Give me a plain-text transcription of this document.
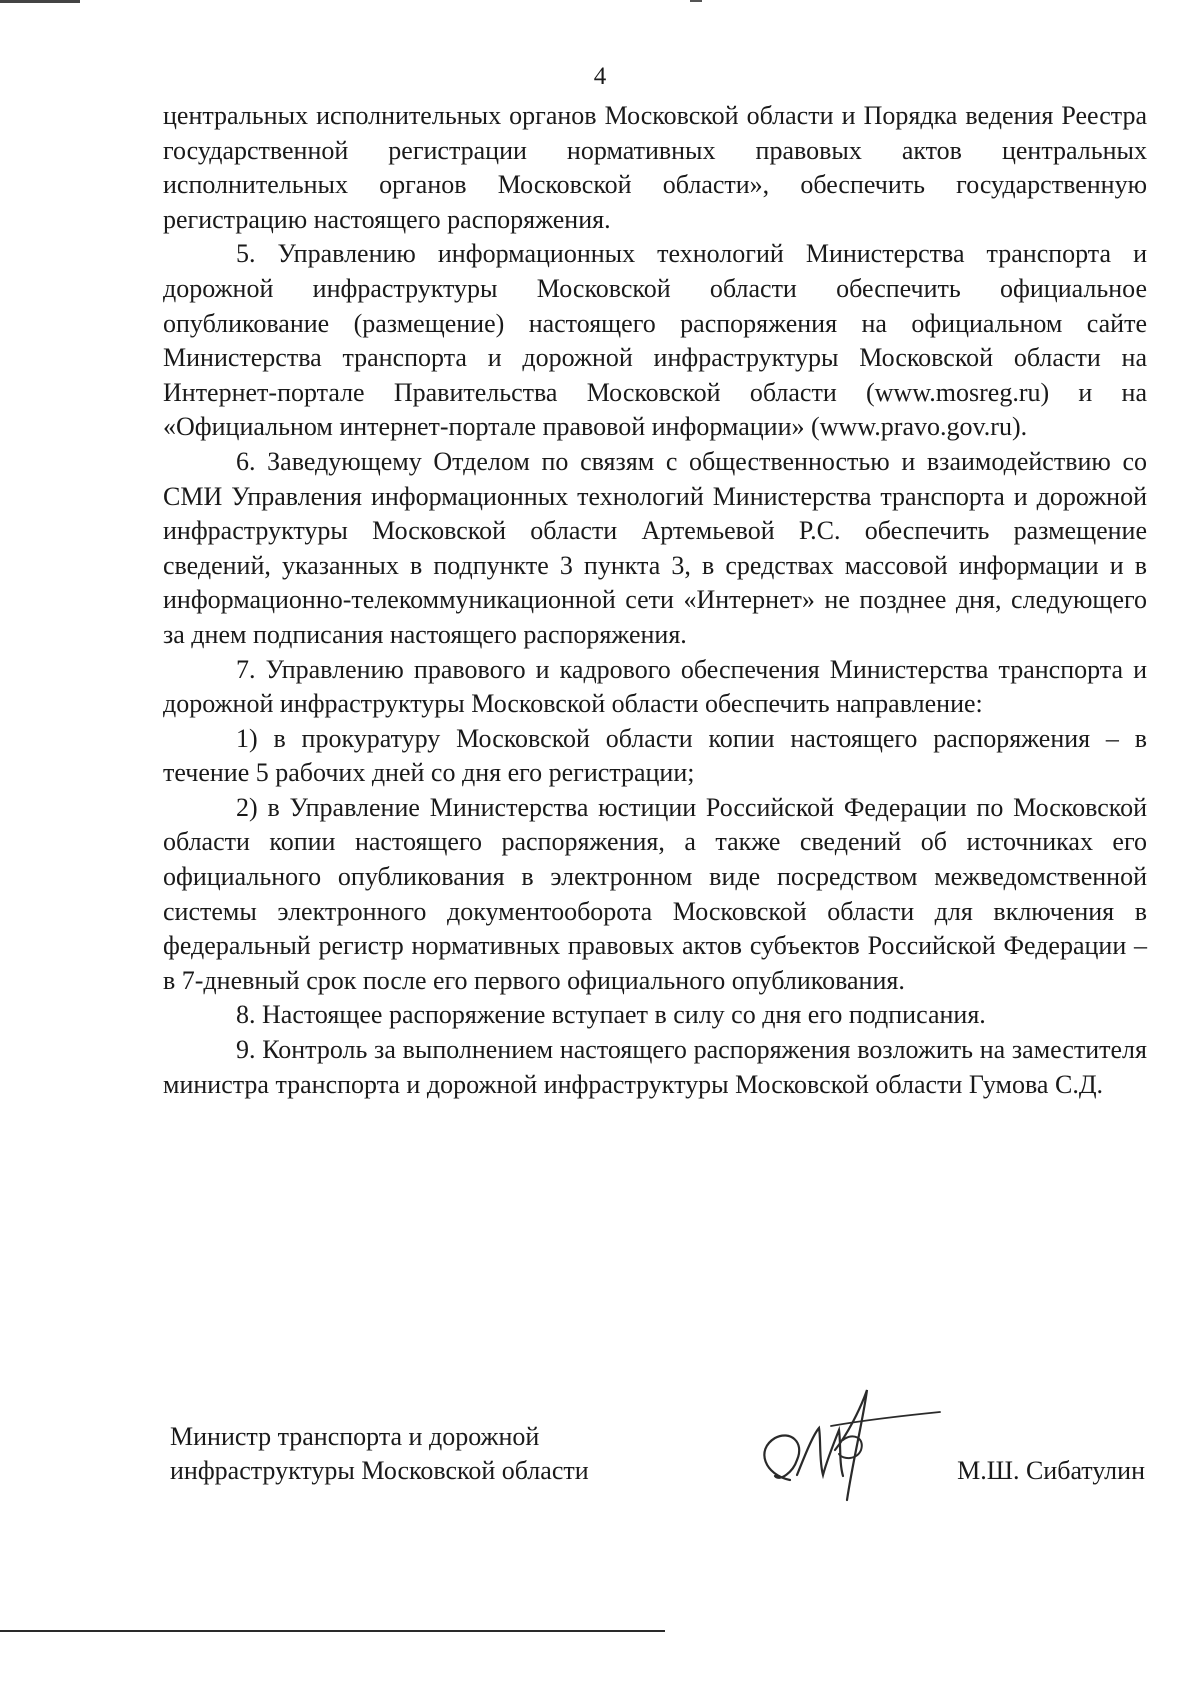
4

центральных исполнительных органов Московской области и Порядка ведения Реестра государственной регистрации нормативных правовых актов центральных исполнительных органов Московской области», обеспечить государственную регистрацию настоящего распоряжения.

5. Управлению информационных технологий Министерства транспорта и дорожной инфраструктуры Московской области обеспечить официальное опубликование (размещение) настоящего распоряжения на официальном сайте Министерства транспорта и дорожной инфраструктуры Московской области на Интернет-портале Правительства Московской области (www.mosreg.ru) и на «Официальном интернет-портале правовой информации» (www.pravo.gov.ru).

6. Заведующему Отделом по связям с общественностью и взаимодействию со СМИ Управления информационных технологий Министерства транспорта и дорожной инфраструктуры Московской области Артемьевой Р.С. обеспечить размещение сведений, указанных в подпункте 3 пункта 3, в средствах массовой информации и в информационно-телекоммуникационной сети «Интернет» не позднее дня, следующего за днем подписания настоящего распоряжения.

7. Управлению правового и кадрового обеспечения Министерства транспорта и дорожной инфраструктуры Московской области обеспечить направление:

1) в прокуратуру Московской области копии настоящего распоряжения – в течение 5 рабочих дней со дня его регистрации;

2) в Управление Министерства юстиции Российской Федерации по Московской области копии настоящего распоряжения, а также сведений об источниках его официального опубликования в электронном виде посредством межведомственной системы электронного документооборота Московской области для включения в федеральный регистр нормативных правовых актов субъектов Российской Федерации – в 7-дневный срок после его первого официального опубликования.

8. Настоящее распоряжение вступает в силу со дня его подписания.

9. Контроль за выполнением настоящего распоряжения возложить на заместителя министра транспорта и дорожной инфраструктуры Московской области Гумова С.Д.

Министр транспорта и дорожной
инфраструктуры Московской области	М.Ш. Сибатулин
